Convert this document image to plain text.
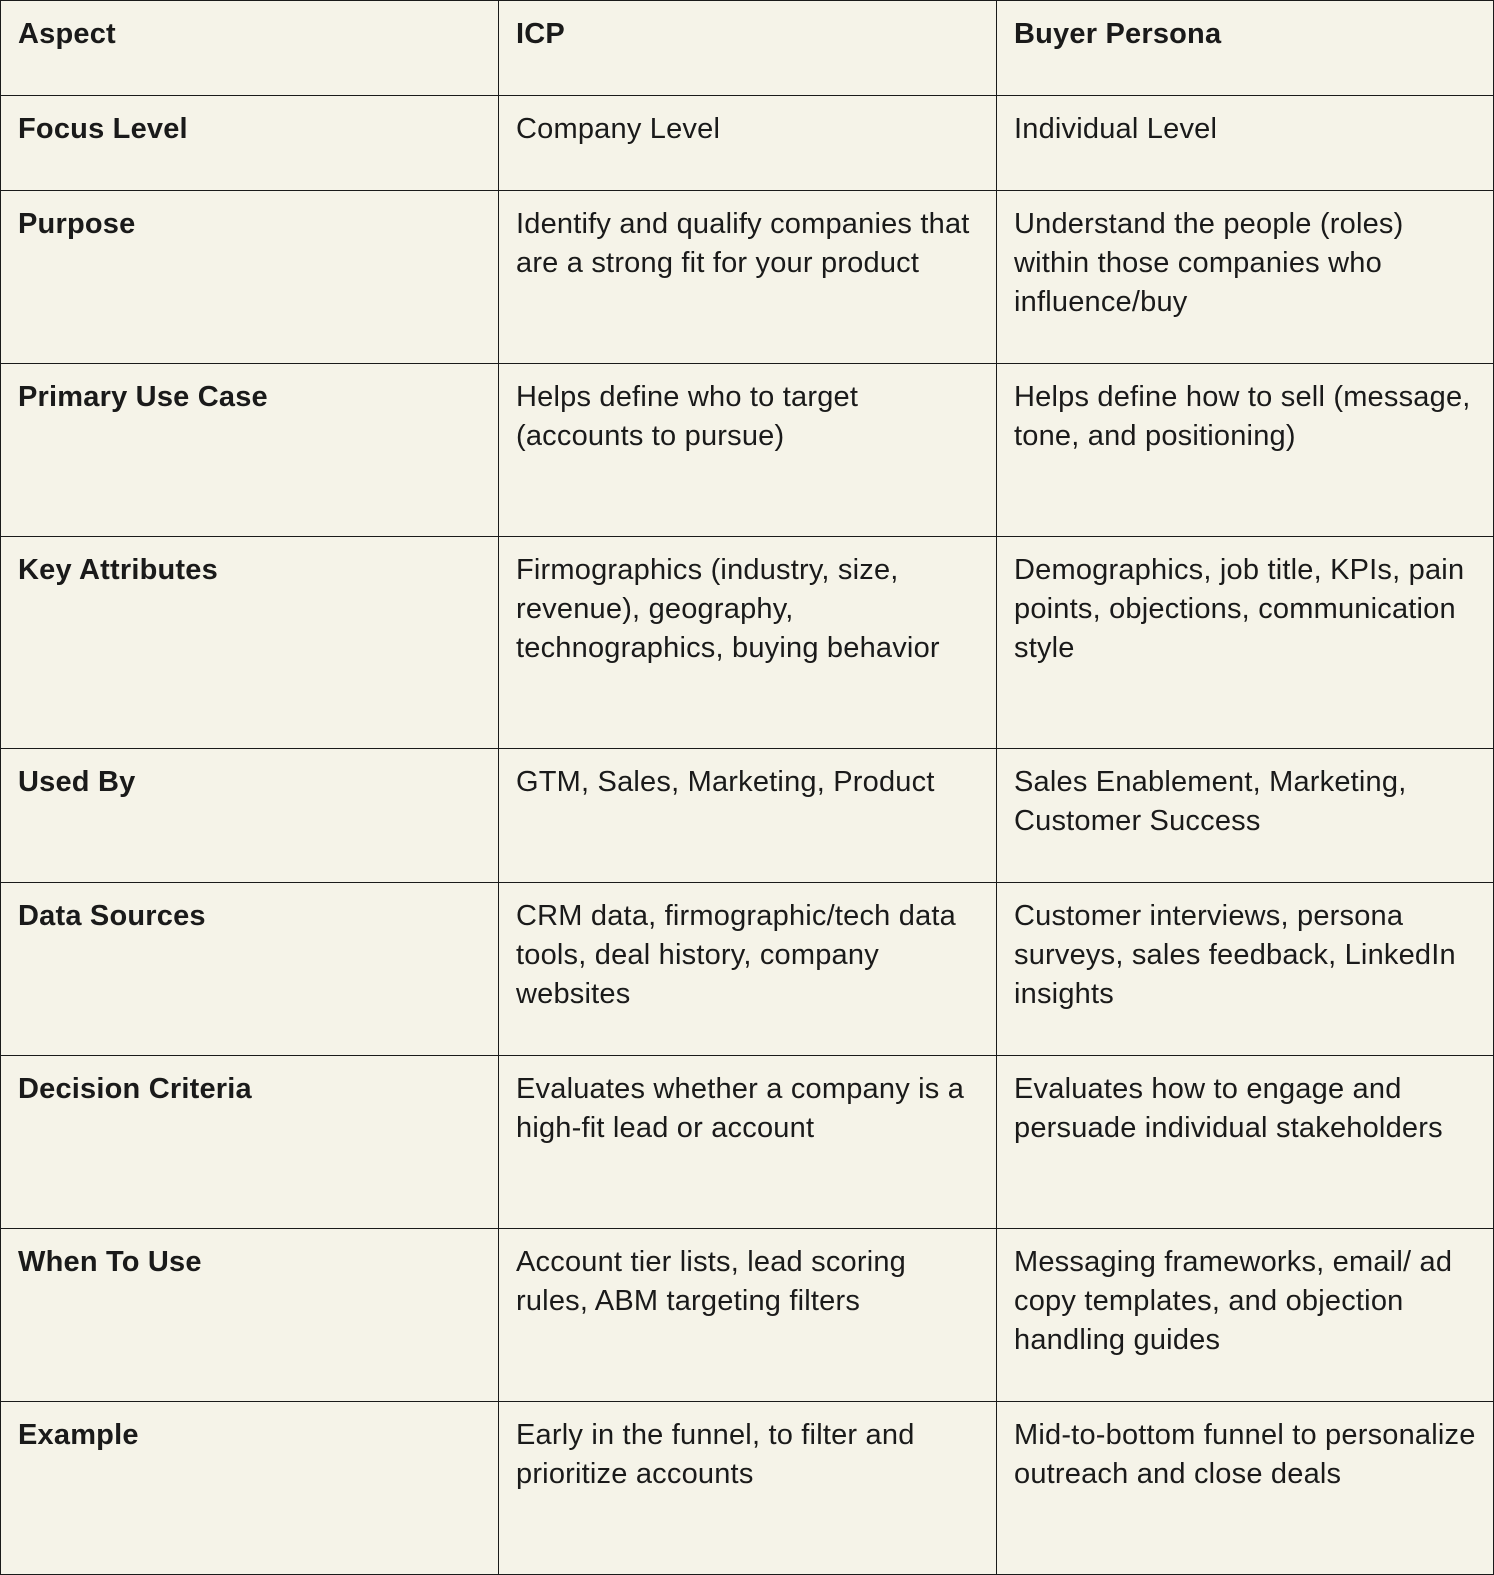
Aspect	ICP	Buyer Persona
Focus Level	Company Level	Individual Level
Purpose	Identify and qualify companies that are a strong fit for your product	Understand the people (roles) within those companies who influence/buy
Primary Use Case	Helps define who to target (accounts to pursue)	Helps define how to sell (message, tone, and positioning)
Key Attributes	Firmographics (industry, size, revenue), geography, technographics, buying behavior	Demographics, job title, KPIs, pain points, objections, communication style
Used By	GTM, Sales, Marketing, Product	Sales Enablement, Marketing, Customer Success
Data Sources	CRM data, firmographic/tech data tools, deal history, company websites	Customer interviews, persona surveys, sales feedback, LinkedIn insights
Decision Criteria	Evaluates whether a company is a high-fit lead or account	Evaluates how to engage and persuade individual stakeholders
When To Use	Account tier lists, lead scoring rules, ABM targeting filters	Messaging frameworks, email/ ad copy templates, and objection handling guides
Example	Early in the funnel, to filter and prioritize accounts	Mid-to-bottom funnel to personalize outreach and close deals
